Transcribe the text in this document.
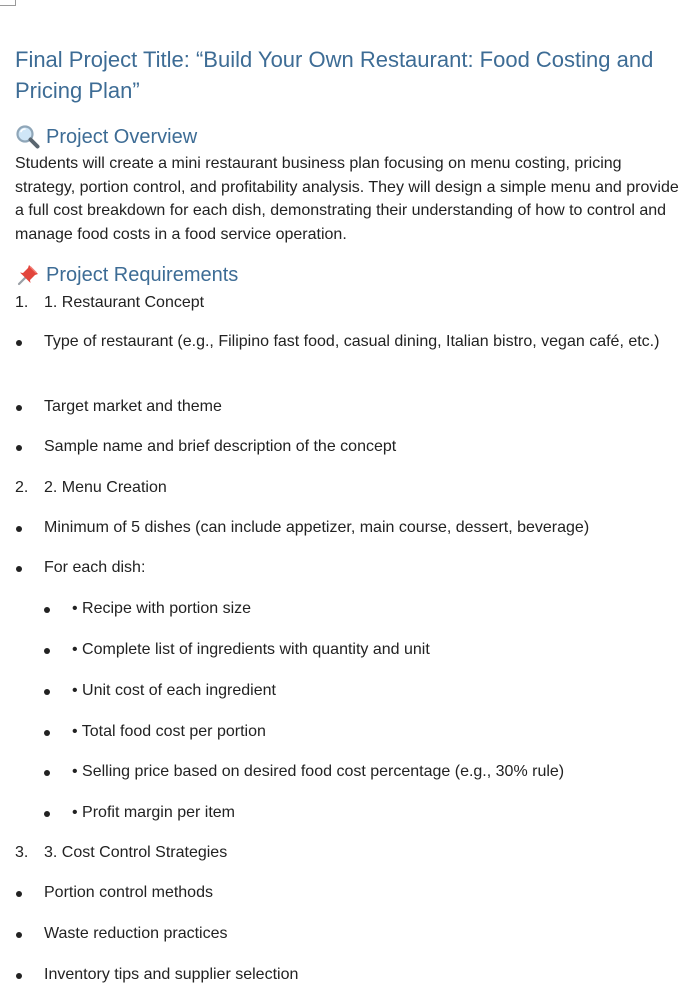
Final Project Title: “Build Your Own Restaurant: Food Costing and Pricing Plan”
Project Overview

Students will create a mini restaurant business plan focusing on menu costing, pricing strategy, portion control, and profitability analysis. They will design a simple menu and provide a full cost breakdown for each dish, demonstrating their understanding of how to control and manage food costs in a food service operation.

Project Requirements
1. 1. Restaurant Concept
Type of restaurant (e.g., Filipino fast food, casual dining, Italian bistro, vegan café, etc.)
Target market and theme
Sample name and brief description of the concept
2. 2. Menu Creation
Minimum of 5 dishes (can include appetizer, main course, dessert, beverage)
For each dish:
• Recipe with portion size
• Complete list of ingredients with quantity and unit
• Unit cost of each ingredient
• Total food cost per portion
• Selling price based on desired food cost percentage (e.g., 30% rule)
• Profit margin per item
3. 3. Cost Control Strategies
Portion control methods
Waste reduction practices
Inventory tips and supplier selection
